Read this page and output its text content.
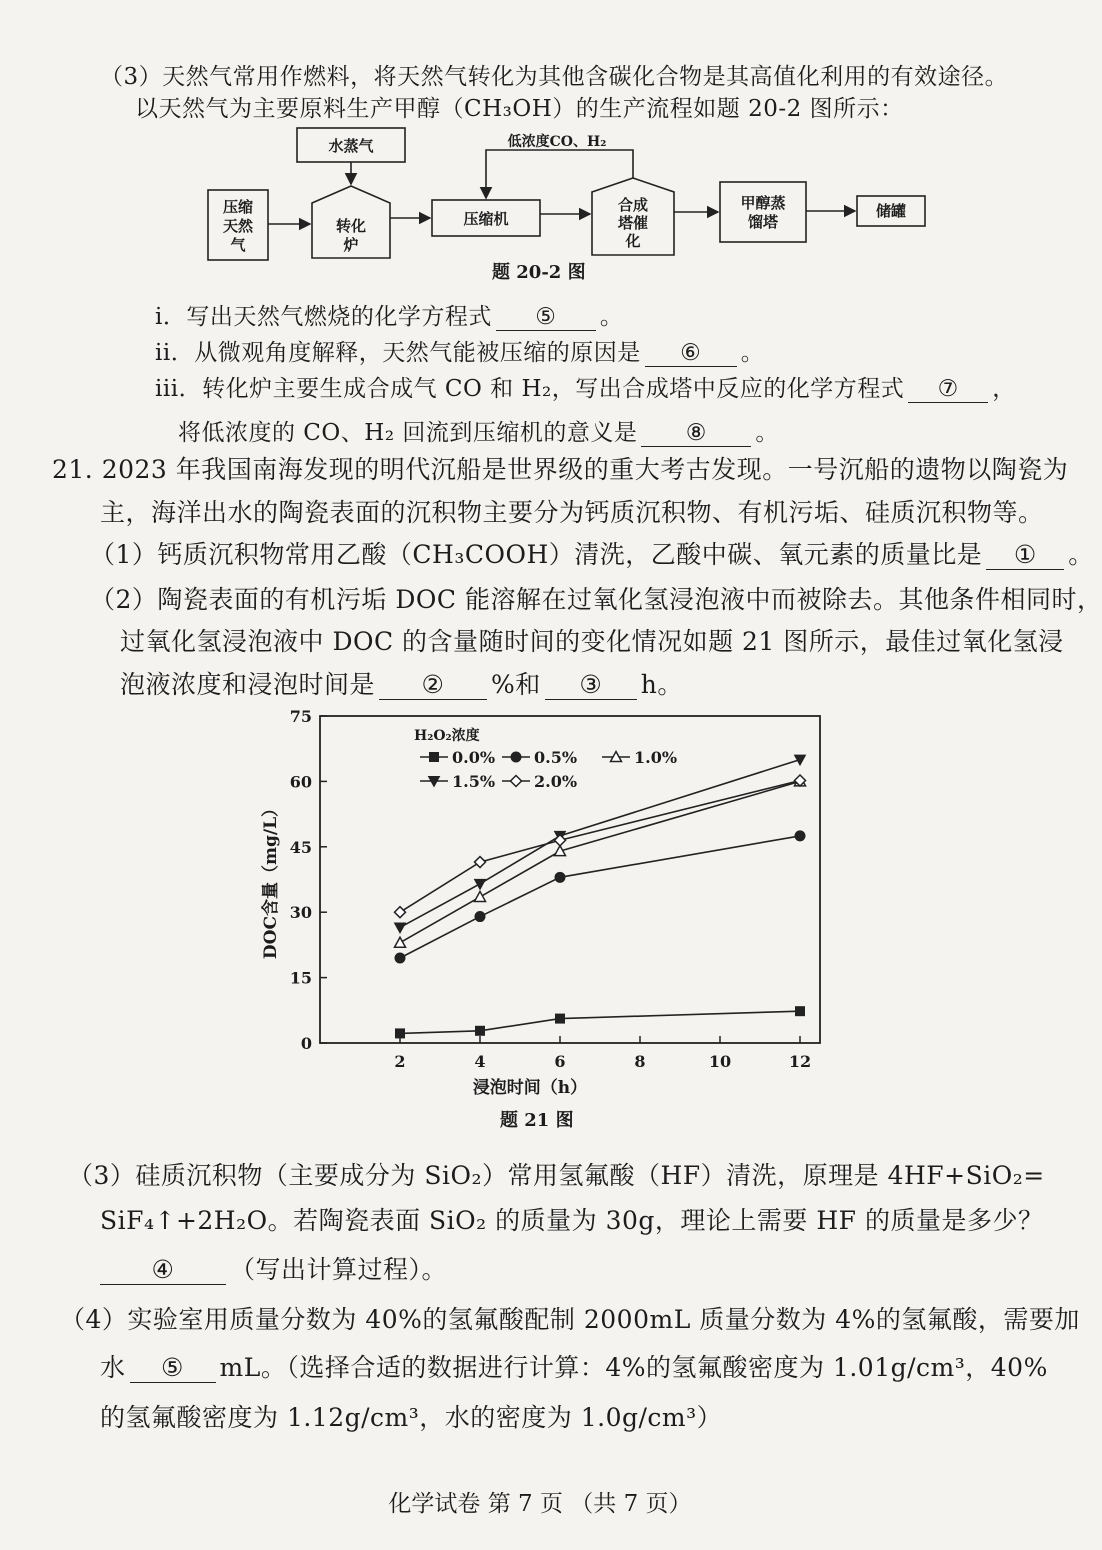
（3）天然气常用作燃料，将天然气转化为其他含碳化合物是其高值化利用的有效途径。
以天然气为主要原料生产甲醇（CH₃OH）的生产流程如题 20-2 图所示：
水蒸气	低浓度CO、H₂
压缩
天然
气
转化
炉
压缩机
合成
塔催
化
甲醇蒸
馏塔
储罐
题 20-2 图
i．写出天然气燃烧的化学方程式 ⑤ 。
ii．从微观角度解释，天然气能被压缩的原因是 ⑥ 。
iii．转化炉主要生成合成气 CO 和 H₂，写出合成塔中反应的化学方程式 ⑦ ，
将低浓度的 CO、H₂ 回流到压缩机的意义是 ⑧ 。
21. 2023 年我国南海发现的明代沉船是世界级的重大考古发现。一号沉船的遗物以陶瓷为
主，海洋出水的陶瓷表面的沉积物主要分为钙质沉积物、有机污垢、硅质沉积物等。
（1）钙质沉积物常用乙酸（CH₃COOH）清洗，乙酸中碳、氧元素的质量比是 ① 。
（2）陶瓷表面的有机污垢 DOC 能溶解在过氧化氢浸泡液中而被除去。其他条件相同时，
过氧化氢浸泡液中 DOC 的含量随时间的变化情况如题 21 图所示，最佳过氧化氢浸
泡液浓度和浸泡时间是 ② %和 ③ h。
2	4	6	8	10	12
0
15
30
45
60
75
浸泡时间（h）
DOC含量（mg/L）
H₂O₂浓度
0.0% 0.5%	1.0%
1.5% 2.0%
题 21 图
（3）硅质沉积物（主要成分为 SiO₂）常用氢氟酸（HF）清洗，原理是 4HF+SiO₂=
SiF₄↑+2H₂O。若陶瓷表面 SiO₂ 的质量为 30g，理论上需要 HF 的质量是多少？
④ （写出计算过程）。
（4）实验室用质量分数为 40%的氢氟酸配制 2000mL 质量分数为 4%的氢氟酸，需要加
水 ⑤ mL。（选择合适的数据进行计算：4%的氢氟酸密度为 1.01g/cm³，40%
的氢氟酸密度为 1.12g/cm³，水的密度为 1.0g/cm³）
化学试卷 第 7 页 （共 7 页）
